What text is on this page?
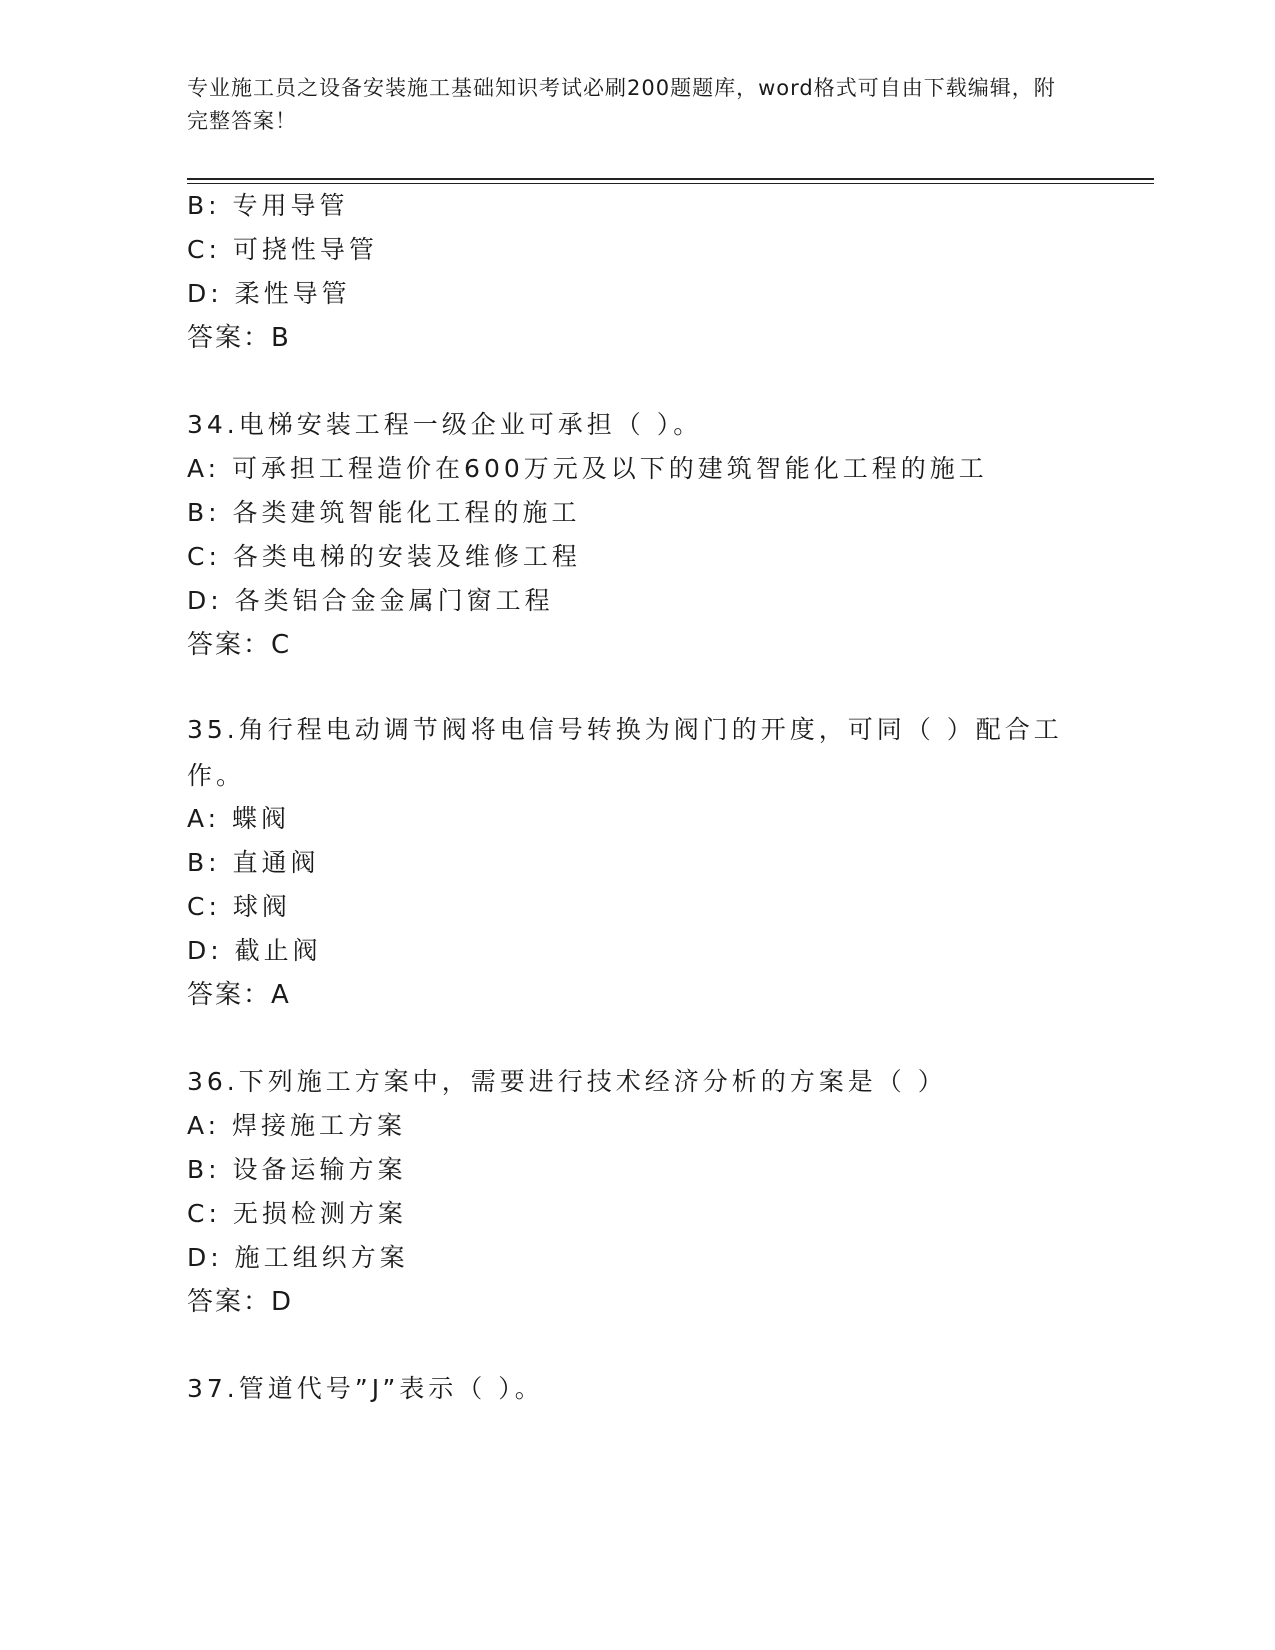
专业施工员之设备安装施工基础知识考试必刷200题题库，word格式可自由下载编辑，附完整答案！
B: 专用导管
C: 可挠性导管
D: 柔性导管
答案：B
34.电梯安装工程一级企业可承担（ ）。
A: 可承担工程造价在600万元及以下的建筑智能化工程的施工
B: 各类建筑智能化工程的施工
C: 各类电梯的安装及维修工程
D: 各类铝合金金属门窗工程
答案：C
35.角行程电动调节阀将电信号转换为阀门的开度，可同（ ）配合工作。
A: 蝶阀
B: 直通阀
C: 球阀
D: 截止阀
答案：A
36.下列施工方案中，需要进行技术经济分析的方案是（ ）
A: 焊接施工方案
B: 设备运输方案
C: 无损检测方案
D: 施工组织方案
答案：D
37.管道代号”J”表示（ ）。
